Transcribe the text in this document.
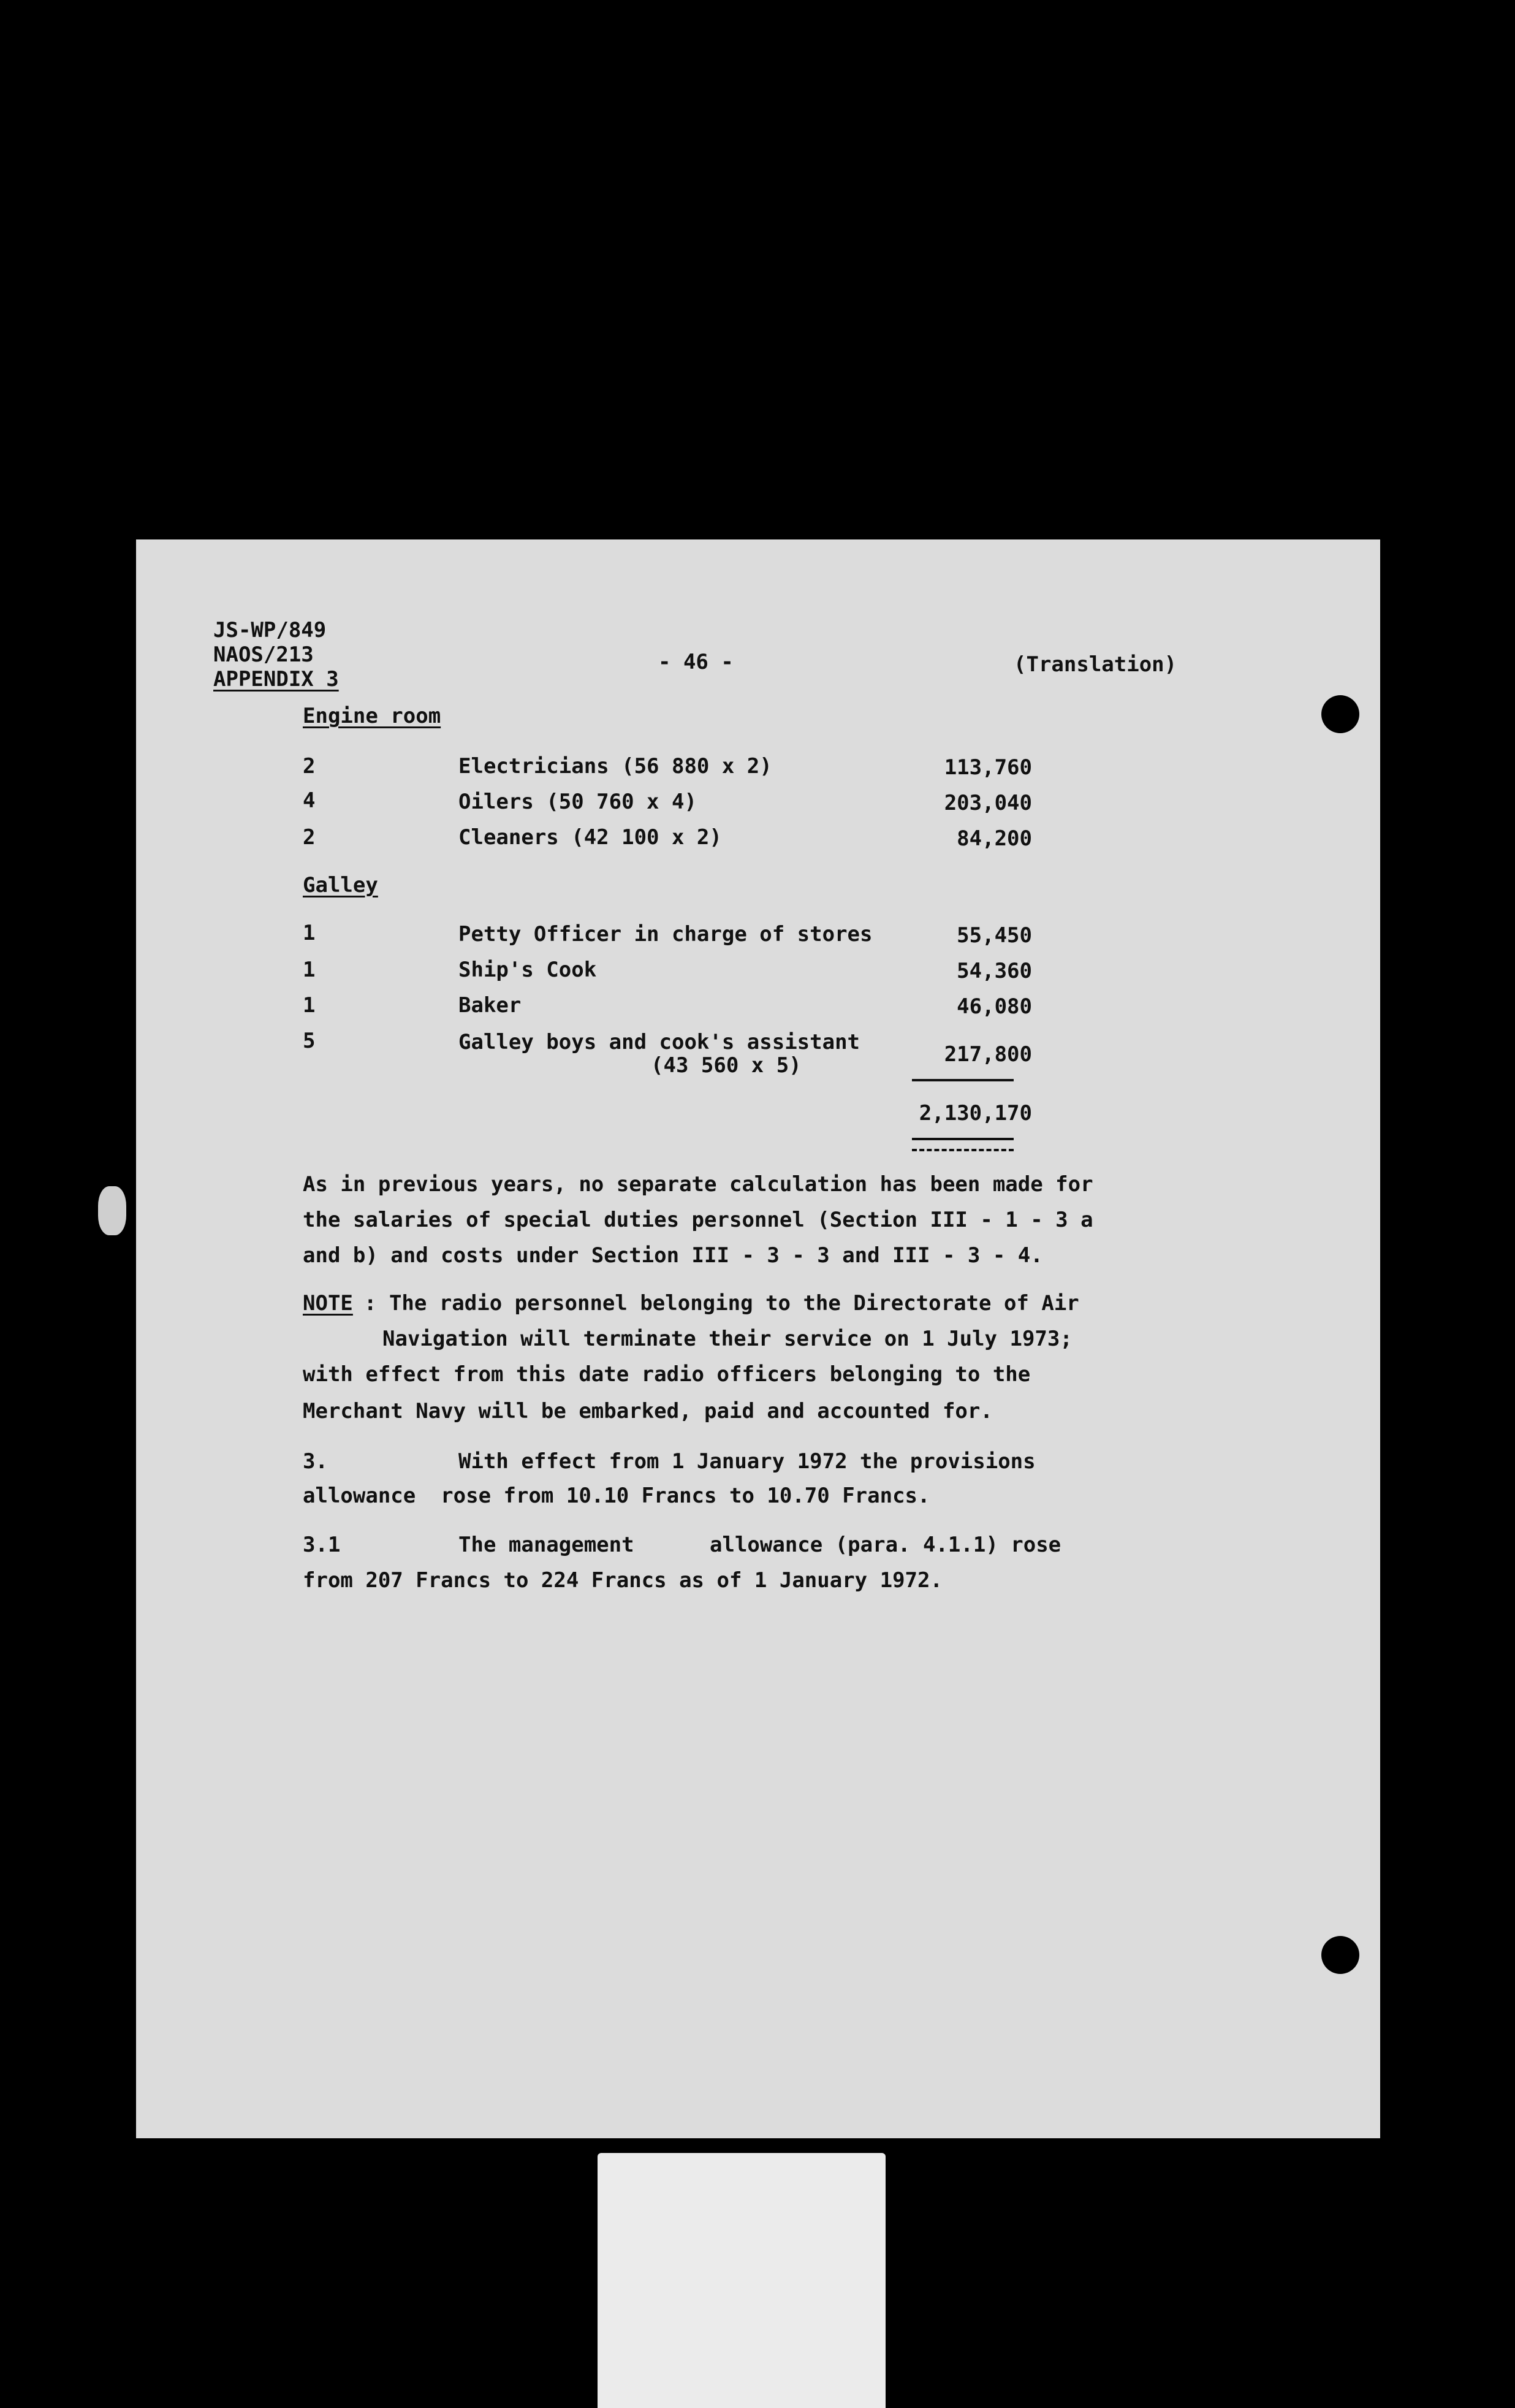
JS-WP/849
NAOS/213
APPENDIX 3
- 46 -	(Translation)
Engine room
2	Electricians (56 880 x 2)	113,760
4	Oilers (50 760 x 4)	203,040
2	Cleaners (42 100 x 2)	84,200
Galley
1	Petty Officer in charge of stores	55,450
1	Ship's Cook	54,360
1	Baker	46,080
5	Galley boys and cook's assistant
(43 560 x 5)	217,800
2,130,170
As in previous years, no separate calculation has been made for
the salaries of special duties personnel (Section III - 1 - 3 a
and b) and costs under Section III - 3 - 3 and III - 3 - 4.
NOTE : The radio personnel belonging to the Directorate of Air
Navigation will terminate their service on 1 July 1973;
with effect from this date radio officers belonging to the
Merchant Navy will be embarked, paid and accounted for.
3.	With effect from 1 January 1972 the provisions
allowance  rose from 10.10 Francs to 10.70 Francs.
3.1	The management	allowance (para. 4.1.1) rose
from 207 Francs to 224 Francs as of 1 January 1972.
